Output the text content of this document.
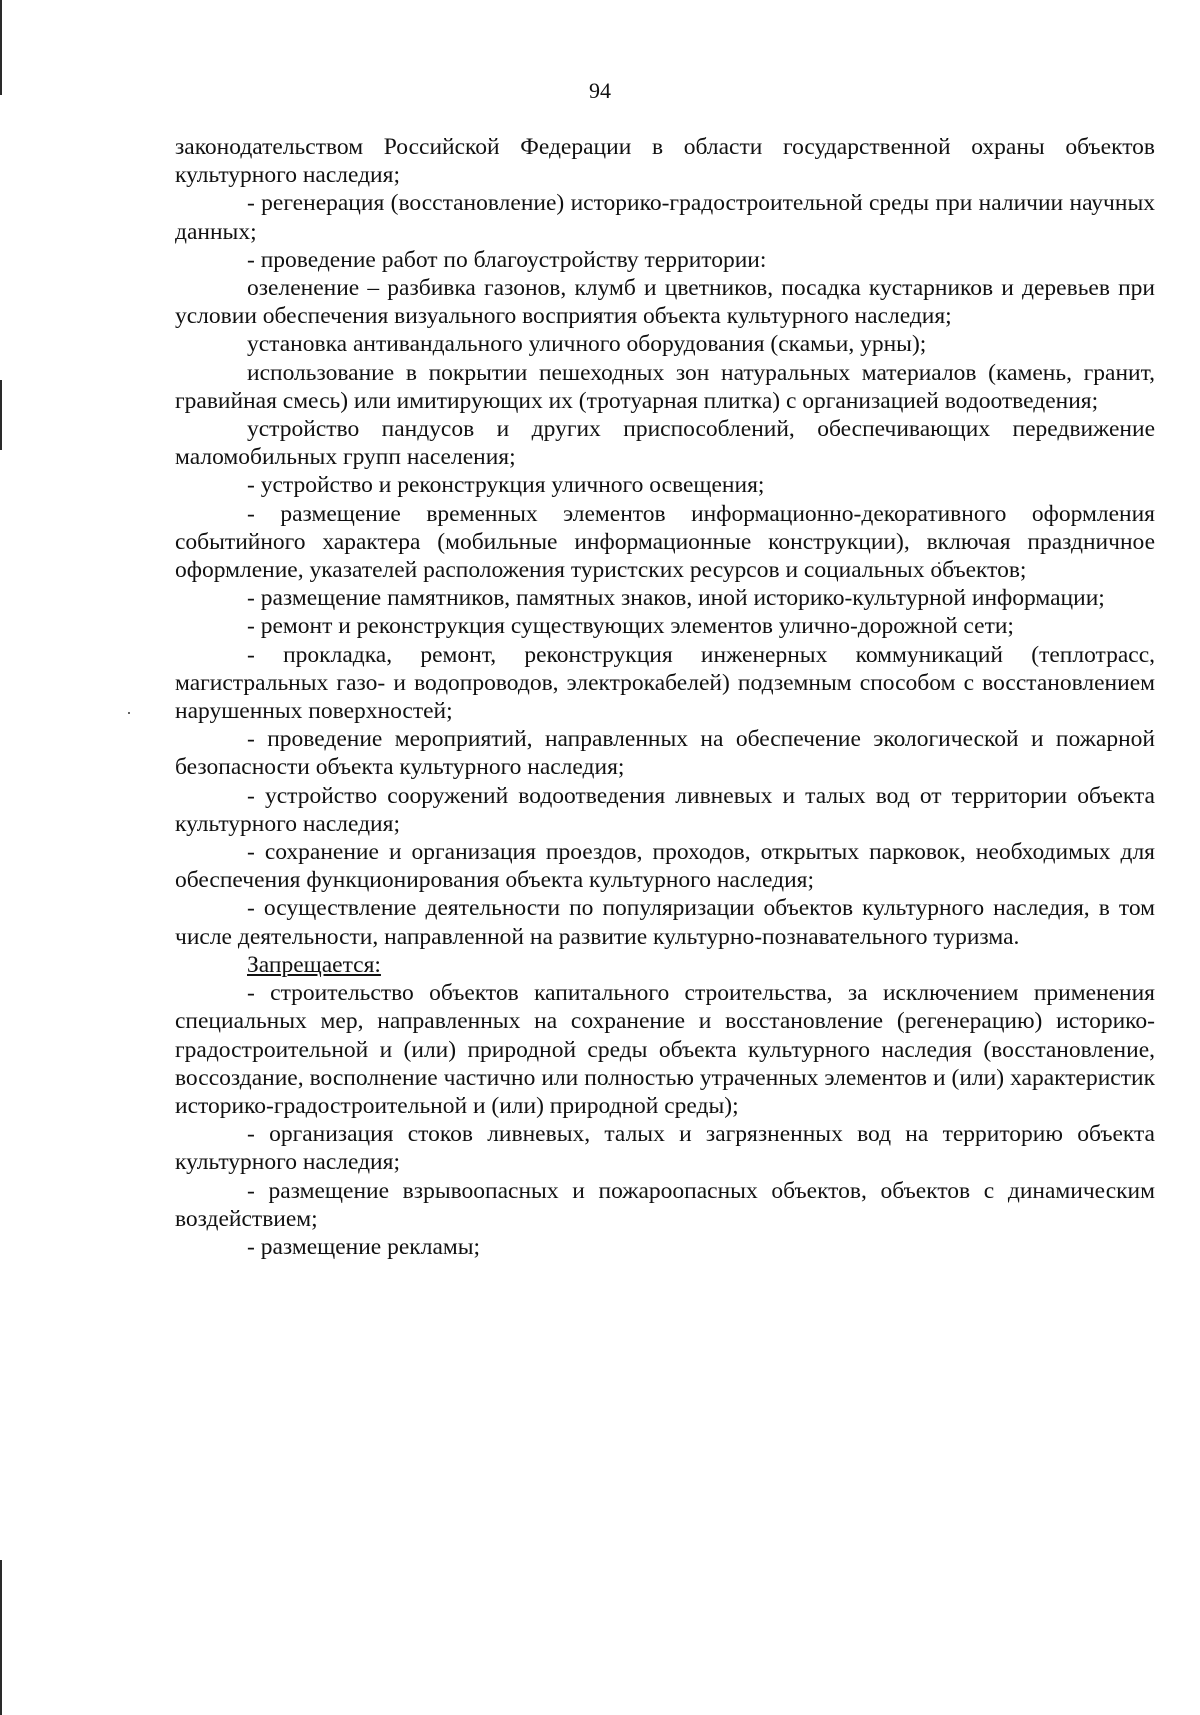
94

законодательством Российской Федерации в области государственной охраны объектов культурного наследия;

- регенерация (восстановление) историко-градостроительной среды при наличии научных данных;

- проведение работ по благоустройству территории:

озеленение – разбивка газонов, клумб и цветников, посадка кустарников и деревьев при условии обеспечения визуального восприятия объекта культурного наследия;

установка антивандального уличного оборудования (скамьи, урны);

использование в покрытии пешеходных зон натуральных материалов (камень, гранит, гравийная смесь) или имитирующих их (тротуарная плитка) с организацией водоотведения;

устройство пандусов и других приспособлений, обеспечивающих передвижение маломобильных групп населения;

- устройство и реконструкция уличного освещения;

- размещение временных элементов информационно-декоративного оформления событийного характера (мобильные информационные конструкции), включая праздничное оформление, указателей расположения туристских ресурсов и социальных объектов;

- размещение памятников, памятных знаков, иной историко-культурной информации;

- ремонт и реконструкция существующих элементов улично-дорожной сети;

- прокладка, ремонт, реконструкция инженерных коммуникаций (теплотрасс, магистральных газо- и водопроводов, электрокабелей) подземным способом с восстановлением нарушенных поверхностей;

- проведение мероприятий, направленных на обеспечение экологической и пожарной безопасности объекта культурного наследия;

- устройство сооружений водоотведения ливневых и талых вод от территории объекта культурного наследия;

- сохранение и организация проездов, проходов, открытых парковок, необходимых для обеспечения функционирования объекта культурного наследия;

- осуществление деятельности по популяризации объектов культурного наследия, в том числе деятельности, направленной на развитие культурно-познавательного туризма.

Запрещается:

- строительство объектов капитального строительства, за исключением применения специальных мер, направленных на сохранение и восстановление (регенерацию) историко-градостроительной и (или) природной среды объекта культурного наследия (восстановление, воссоздание, восполнение частично или полностью утраченных элементов и (или) характеристик историко-градостроительной и (или) природной среды);

- организация стоков ливневых, талых и загрязненных вод на территорию объекта культурного наследия;

- размещение взрывоопасных и пожароопасных объектов, объектов с динамическим воздействием;

- размещение рекламы;
